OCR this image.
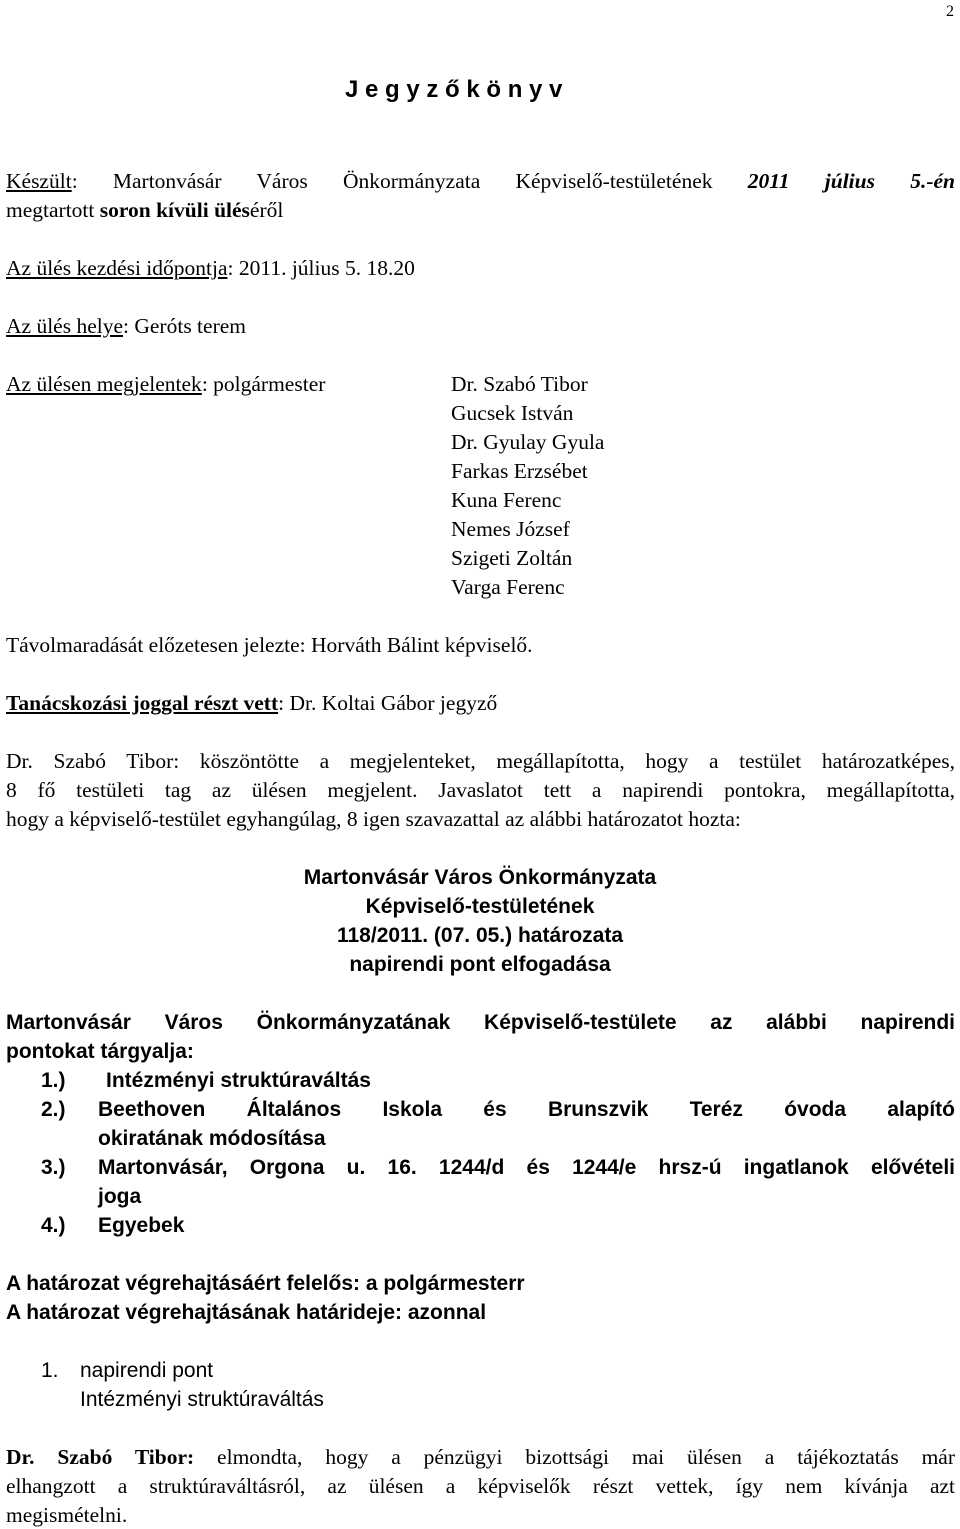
2
J e g y z ő k ö n y v
Készült: Martonvásár Város Önkormányzata Képviselő-testületének 2011 július 5.-én
megtartott soron kívüli üléséről
Az ülés kezdési időpontja: 2011. július 5. 18.20
Az ülés helye: Geróts terem
Az ülésen megjelentek: polgármester	Dr. Szabó Tibor
Gucsek István
Dr. Gyulay Gyula
Farkas Erzsébet
Kuna Ferenc
Nemes József
Szigeti Zoltán
Varga Ferenc
Távolmaradását előzetesen jelezte: Horváth Bálint képviselő.
Tanácskozási joggal részt vett: Dr. Koltai Gábor jegyző
Dr. Szabó Tibor: köszöntötte a megjelenteket, megállapította, hogy a testület határozatképes,
8 fő testületi tag az ülésen megjelent. Javaslatot tett a napirendi pontokra, megállapította,
hogy a képviselő-testület egyhangúlag, 8 igen szavazattal az alábbi határozatot hozta:
Martonvásár Város Önkormányzata
Képviselő-testületének
118/2011. (07. 05.) határozata
napirendi pont elfogadása
Martonvásár Város Önkormányzatának Képviselő-testülete az alábbi napirendi
pontokat tárgyalja:
1.) Intézményi struktúraváltás
2.) Beethoven Általános Iskola és Brunszvik Teréz óvoda alapító
okiratának módosítása
3.) Martonvásár, Orgona u. 16. 1244/d és 1244/e hrsz-ú ingatlanok elővételi
joga
4.) Egyebek
A határozat végrehajtásáért felelős: a polgármesterr
A határozat végrehajtásának határideje: azonnal
1. napirendi pont
Intézményi struktúraváltás
Dr. Szabó Tibor: elmondta, hogy a pénzügyi bizottsági mai ülésen a tájékoztatás már
elhangzott a struktúraváltásról, az ülésen a képviselők részt vettek, így nem kívánja azt
megismételni.
